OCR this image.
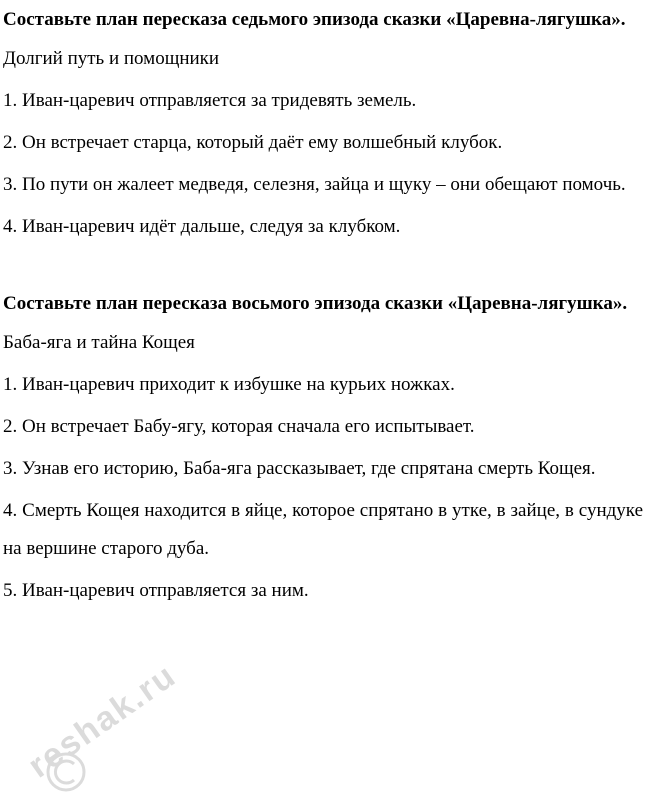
Составьте план пересказа седьмого эпизода сказки «Царевна-лягушка».

Долгий путь и помощники

1. Иван-царевич отправляется за тридевять земель.

2. Он встречает старца, который даёт ему волшебный клубок.

3. По пути он жалеет медведя, селезня, зайца и щуку – они обещают помочь.

4. Иван-царевич идёт дальше, следуя за клубком.

Составьте план пересказа восьмого эпизода сказки «Царевна-лягушка».

Баба-яга и тайна Кощея

1. Иван-царевич приходит к избушке на курьих ножках.

2. Он встречает Бабу-ягу, которая сначала его испытывает.

3. Узнав его историю, Баба-яга рассказывает, где спрятана смерть Кощея.

4. Смерть Кощея находится в яйце, которое спрятано в утке, в зайце, в сундуке на вершине старого дуба.

5. Иван-царевич отправляется за ним.

reshak.ru
